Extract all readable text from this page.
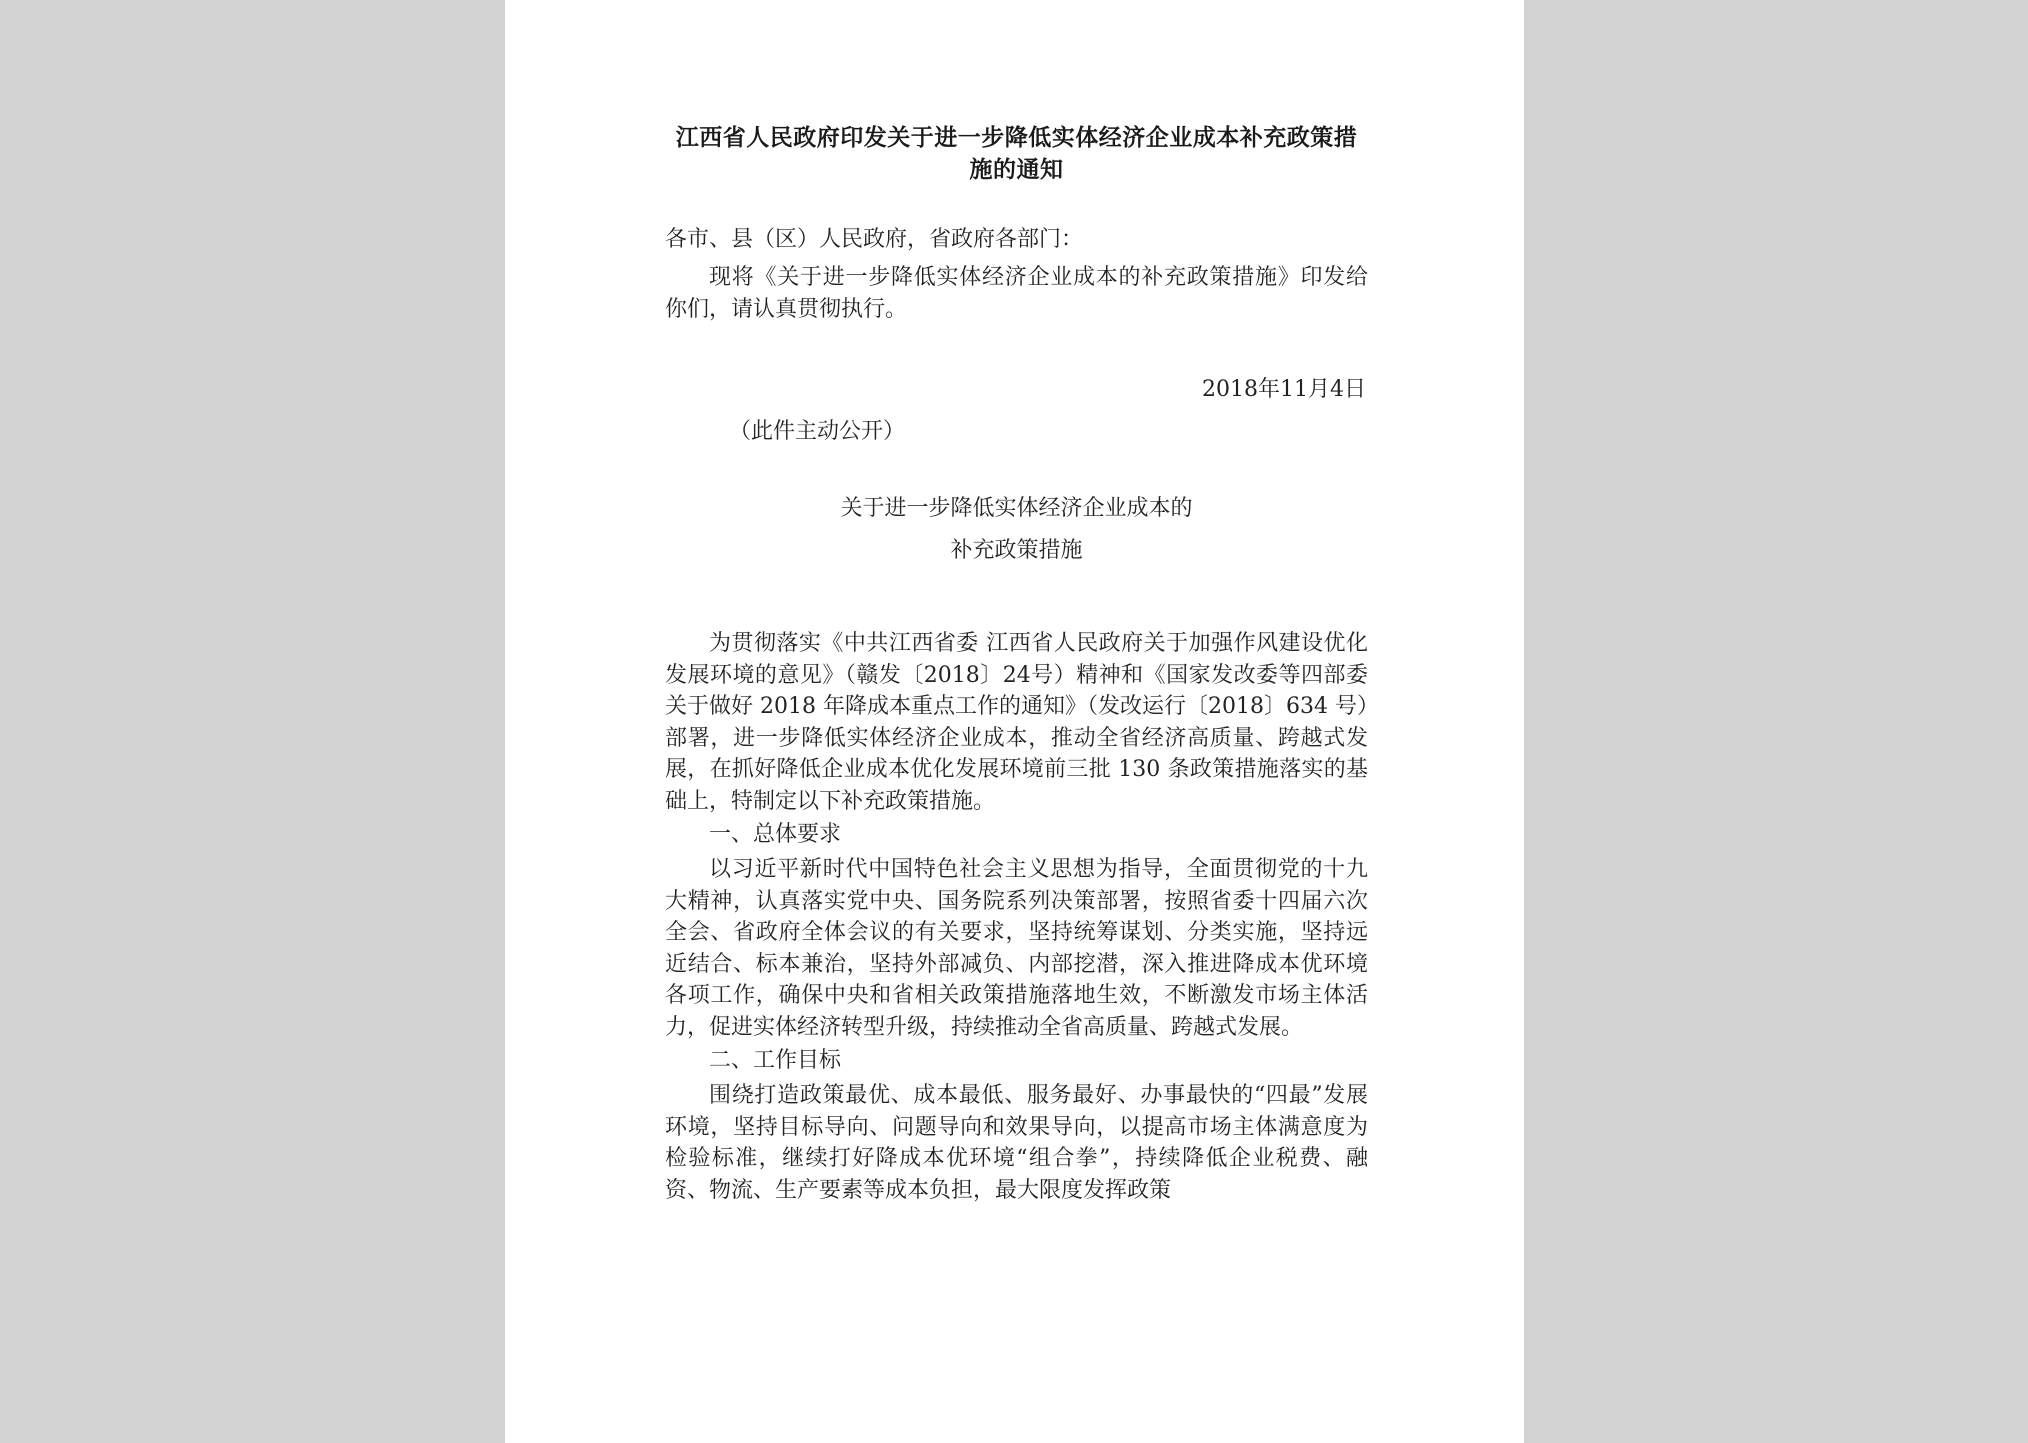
江西省人民政府印发关于进一步降低实体经济企业成本补充政策措施的通知

各市、县（区）人民政府，省政府各部门：

现将《关于进一步降低实体经济企业成本的补充政策措施》印发给你们，请认真贯彻执行。

2018年11月4日

（此件主动公开）

关于进一步降低实体经济企业成本的
补充政策措施

为贯彻落实《中共江西省委 江西省人民政府关于加强作风建设优化发展环境的意见》（赣发〔2018〕24号）精神和《国家发改委等四部委关于做好 2018 年降成本重点工作的通知》（发改运行〔2018〕634 号）部署，进一步降低实体经济企业成本，推动全省经济高质量、跨越式发展，在抓好降低企业成本优化发展环境前三批 130 条政策措施落实的基础上，特制定以下补充政策措施。

一、总体要求

以习近平新时代中国特色社会主义思想为指导，全面贯彻党的十九大精神，认真落实党中央、国务院系列决策部署，按照省委十四届六次全会、省政府全体会议的有关要求，坚持统筹谋划、分类实施，坚持远近结合、标本兼治，坚持外部减负、内部挖潜，深入推进降成本优环境各项工作，确保中央和省相关政策措施落地生效，不断激发市场主体活力，促进实体经济转型升级，持续推动全省高质量、跨越式发展。

二、工作目标

围绕打造政策最优、成本最低、服务最好、办事最快的“四最”发展环境，坚持目标导向、问题导向和效果导向，以提高市场主体满意度为检验标准，继续打好降成本优环境“组合拳”，持续降低企业税费、融资、物流、生产要素等成本负担，最大限度发挥政策
